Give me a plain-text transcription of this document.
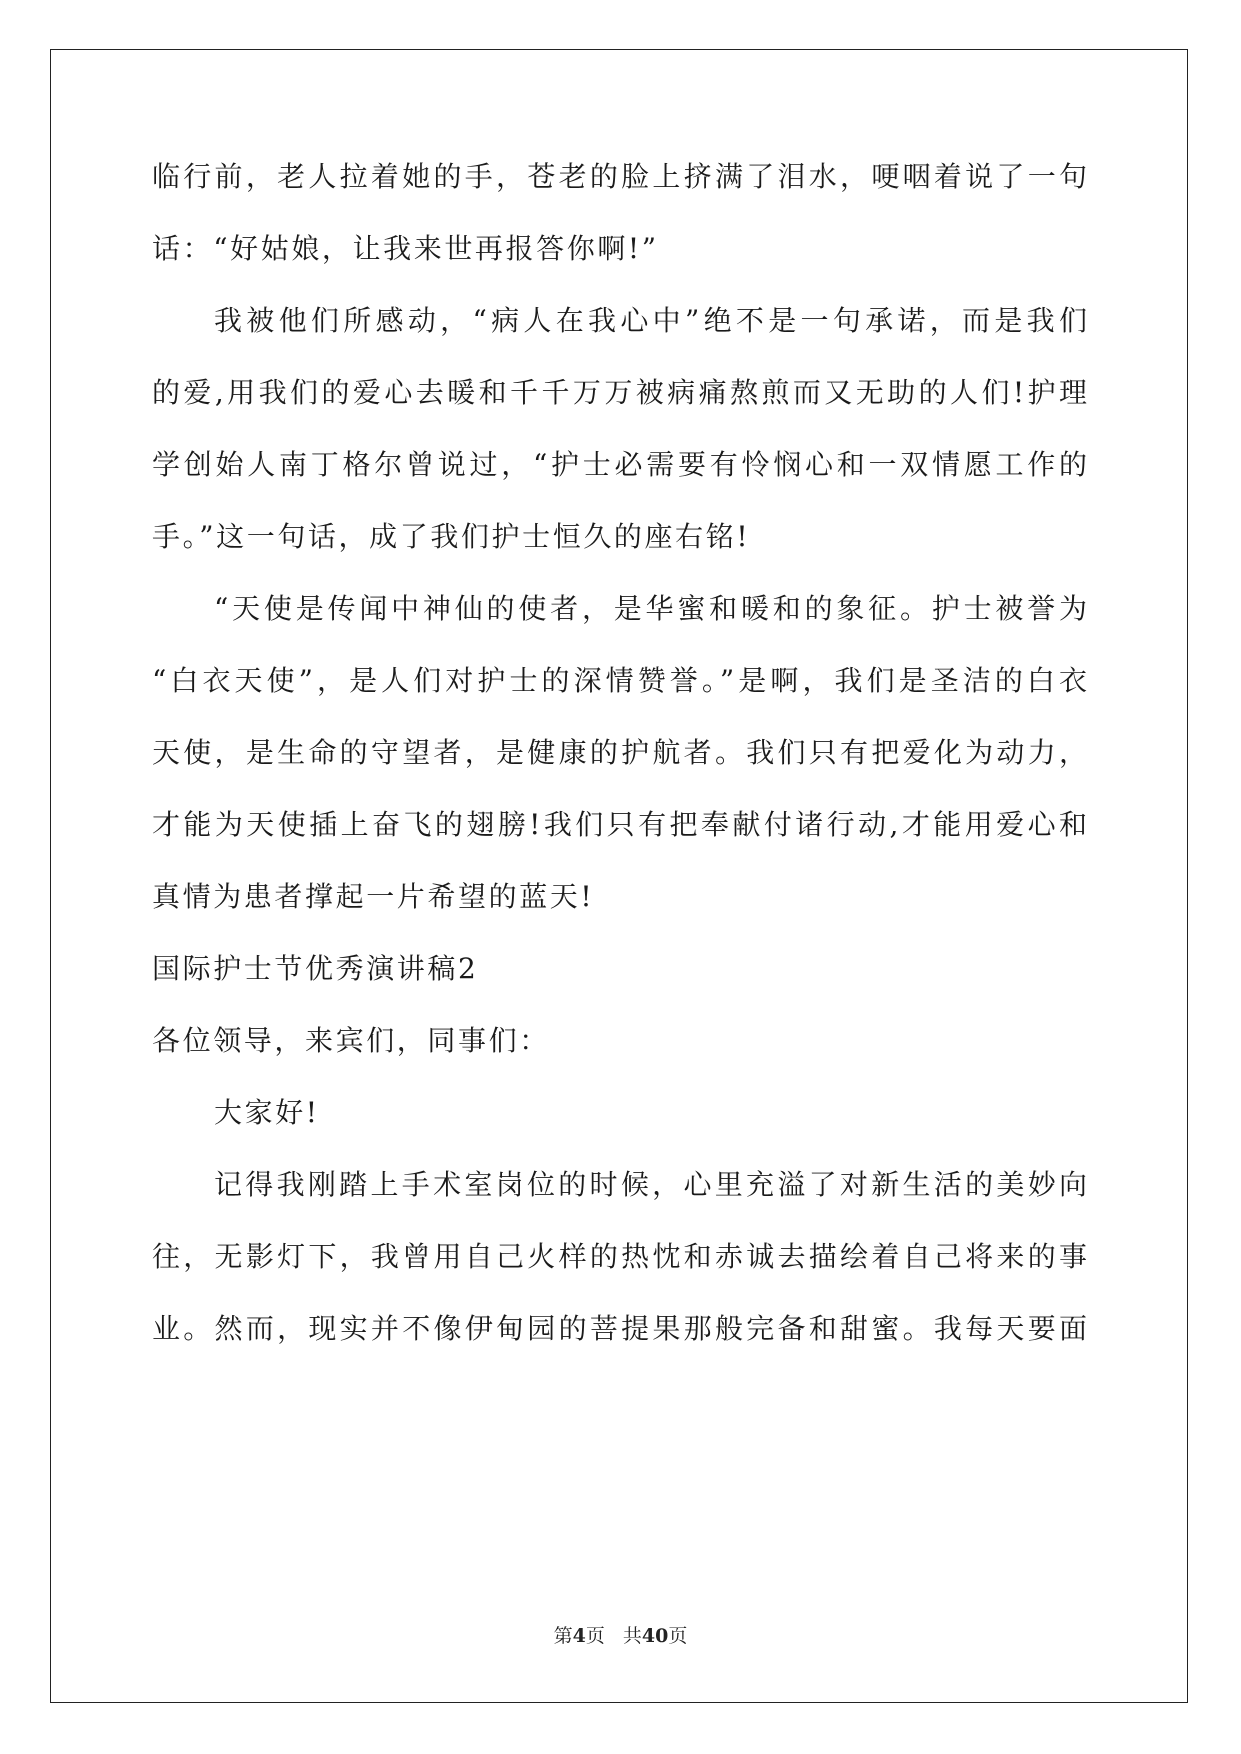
临行前，老人拉着她的手，苍老的脸上挤满了泪水，哽咽着说了一句
话：“好姑娘，让我来世再报答你啊!”
我被他们所感动，“病人在我心中”绝不是一句承诺，而是我们
的爱,用我们的爱心去暖和千千万万被病痛熬煎而又无助的人们!护理
学创始人南丁格尔曾说过，“护士必需要有怜悯心和一双情愿工作的
手。”这一句话，成了我们护士恒久的座右铭!
“天使是传闻中神仙的使者，是华蜜和暖和的象征。护士被誉为
“白衣天使”，是人们对护士的深情赞誉。”是啊，我们是圣洁的白衣
天使，是生命的守望者，是健康的护航者。我们只有把爱化为动力，
才能为天使插上奋飞的翅膀!我们只有把奉献付诸行动,才能用爱心和
真情为患者撑起一片希望的蓝天!
国际护士节优秀演讲稿2
各位领导，来宾们，同事们：
大家好!
记得我刚踏上手术室岗位的时候，心里充溢了对新生活的美妙向
往，无影灯下，我曾用自己火样的热忱和赤诚去描绘着自己将来的事
业。然而，现实并不像伊甸园的菩提果那般完备和甜蜜。我每天要面
第4页 共40页
